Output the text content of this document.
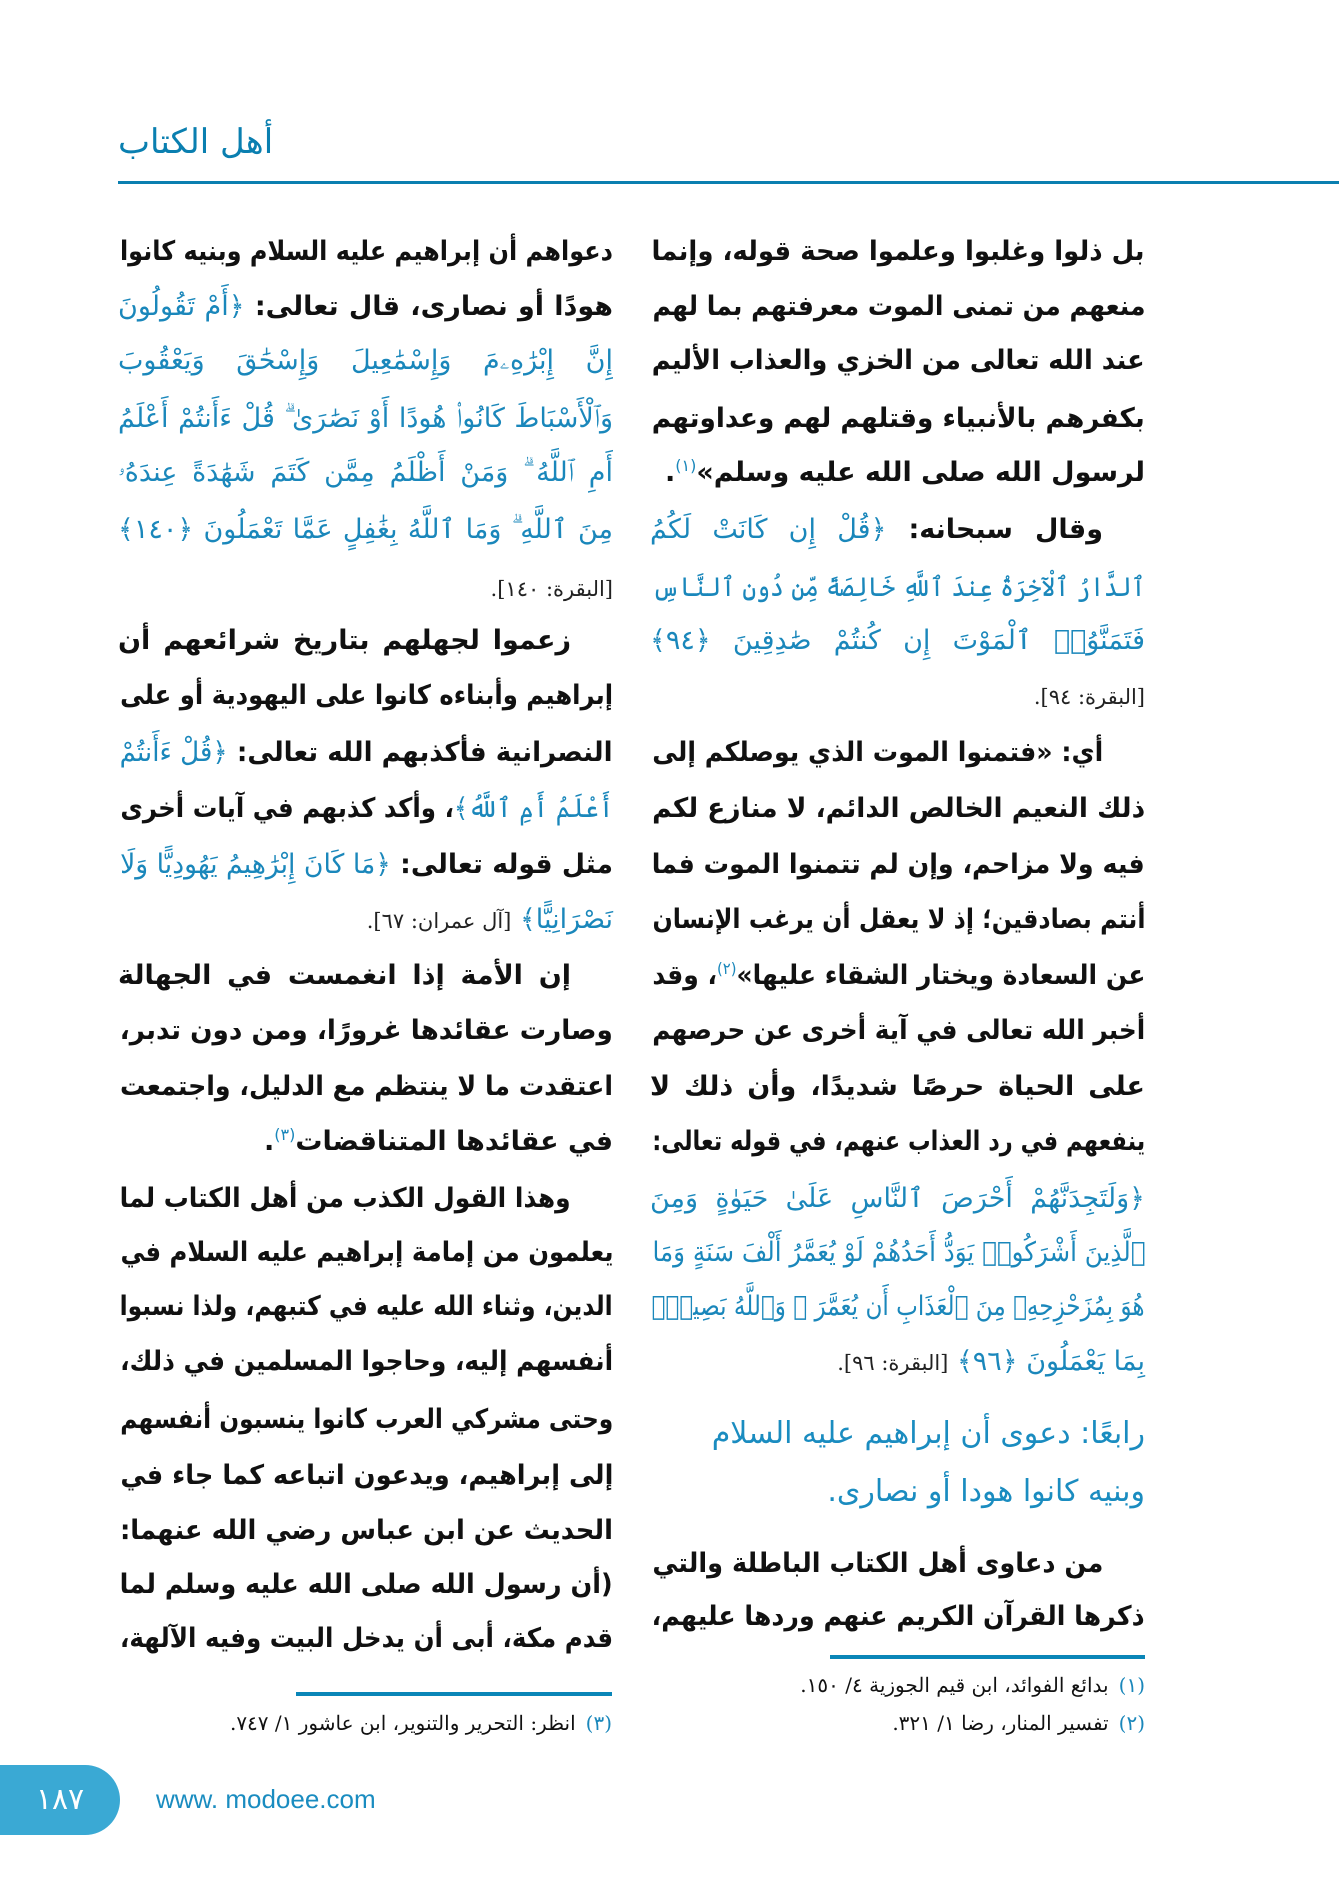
أهل الكتاب
بل ذلوا وغلبوا وعلموا صحة قوله، وإنما
منعهم من تمنى الموت معرفتهم بما لهم
عند الله تعالى من الخزي والعذاب الأليم
بكفرهم بالأنبياء وقتلهم لهم وعداوتهم
لرسول الله صلى الله عليه وسلم»$^{(١)}$.
وقال سبحانه: ﴿قُلْ إِن كَانَتْ لَكُمُ
ٱلدَّارُ ٱلْآخِرَةُ عِندَ ٱللَّهِ خَالِصَةً مِّن دُونِ ٱلنَّاسِ
فَتَمَنَّوُا۟ ٱلْمَوْتَ إِن كُنتُمْ صَٰدِقِينَ ﴿٩٤﴾
[البقرة: ٩٤].
أي: «فتمنوا الموت الذي يوصلكم إلى
ذلك النعيم الخالص الدائم، لا منازع لكم
فيه ولا مزاحم، وإن لم تتمنوا الموت فما
أنتم بصادقين؛ إذ لا يعقل أن يرغب الإنسان
عن السعادة ويختار الشقاء عليها»$^{(٢)}$، وقد
أخبر الله تعالى في آية أخرى عن حرصهم
على الحياة حرصًا شديدًا، وأن ذلك لا
ينفعهم في رد العذاب عنهم، في قوله تعالى:
﴿وَلَتَجِدَنَّهُمْ أَحْرَصَ ٱلنَّاسِ عَلَىٰ حَيَوٰةٍ وَمِنَ
ٱلَّذِينَ أَشْرَكُوا۟ يَوَدُّ أَحَدُهُمْ لَوْ يُعَمَّرُ أَلْفَ سَنَةٍ وَمَا
هُوَ بِمُزَحْزِحِهِۦ مِنَ ٱلْعَذَابِ أَن يُعَمَّرَ ۗ وَٱللَّهُ بَصِيرٌۢ
بِمَا يَعْمَلُونَ ﴿٩٦﴾ [البقرة: ٩٦].
رابعًا: دعوى أن إبراهيم عليه السلام
وبنيه كانوا هودا أو نصارى.
من دعاوى أهل الكتاب الباطلة والتي
ذكرها القرآن الكريم عنهم وردها عليهم،
دعواهم أن إبراهيم عليه السلام وبنيه كانوا
هودًا أو نصارى، قال تعالى: ﴿أَمْ تَقُولُونَ
إِنَّ إِبْرَٰهِۦمَ وَإِسْمَٰعِيلَ وَإِسْحَٰقَ وَيَعْقُوبَ
وَٱلْأَسْبَاطَ كَانُوا۟ هُودًا أَوْ نَصَٰرَىٰ ۗ قُلْ ءَأَنتُمْ أَعْلَمُ
أَمِ ٱللَّهُ ۗ وَمَنْ أَظْلَمُ مِمَّن كَتَمَ شَهَٰدَةً عِندَهُۥ
مِنَ ٱللَّهِ ۗ وَمَا ٱللَّهُ بِغَٰفِلٍ عَمَّا تَعْمَلُونَ ﴿١٤٠﴾
[البقرة: ١٤٠].
زعموا لجهلهم بتاريخ شرائعهم أن
إبراهيم وأبناءه كانوا على اليهودية أو على
النصرانية فأكذبهم الله تعالى: ﴿قُلْ ءَأَنتُمْ
أَعْلَمُ أَمِ ٱللَّهُ﴾، وأكد كذبهم في آيات أخرى
مثل قوله تعالى: ﴿مَا كَانَ إِبْرَٰهِيمُ يَهُودِيًّا وَلَا
نَصْرَانِيًّا﴾ [آل عمران: ٦٧].
إن الأمة إذا انغمست في الجهالة
وصارت عقائدها غرورًا، ومن دون تدبر،
اعتقدت ما لا ينتظم مع الدليل، واجتمعت
في عقائدها المتناقضات$^{(٣)}$.
وهذا القول الكذب من أهل الكتاب لما
يعلمون من إمامة إبراهيم عليه السلام في
الدين، وثناء الله عليه في كتبهم، ولذا نسبوا
أنفسهم إليه، وحاجوا المسلمين في ذلك،
وحتى مشركي العرب كانوا ينسبون أنفسهم
إلى إبراهيم، ويدعون اتباعه كما جاء في
الحديث عن ابن عباس رضي الله عنهما:
(أن رسول الله صلى الله عليه وسلم لما
قدم مكة، أبى أن يدخل البيت وفيه الآلهة،
(١)بدائع الفوائد، ابن قيم الجوزية ٤/ ١٥٠.
(٢)تفسير المنار، رضا ١/ ٣٢١.
(٣)انظر: التحرير والتنوير، ابن عاشور ١/ ٧٤٧.
١٨٧	www. modoee.com
